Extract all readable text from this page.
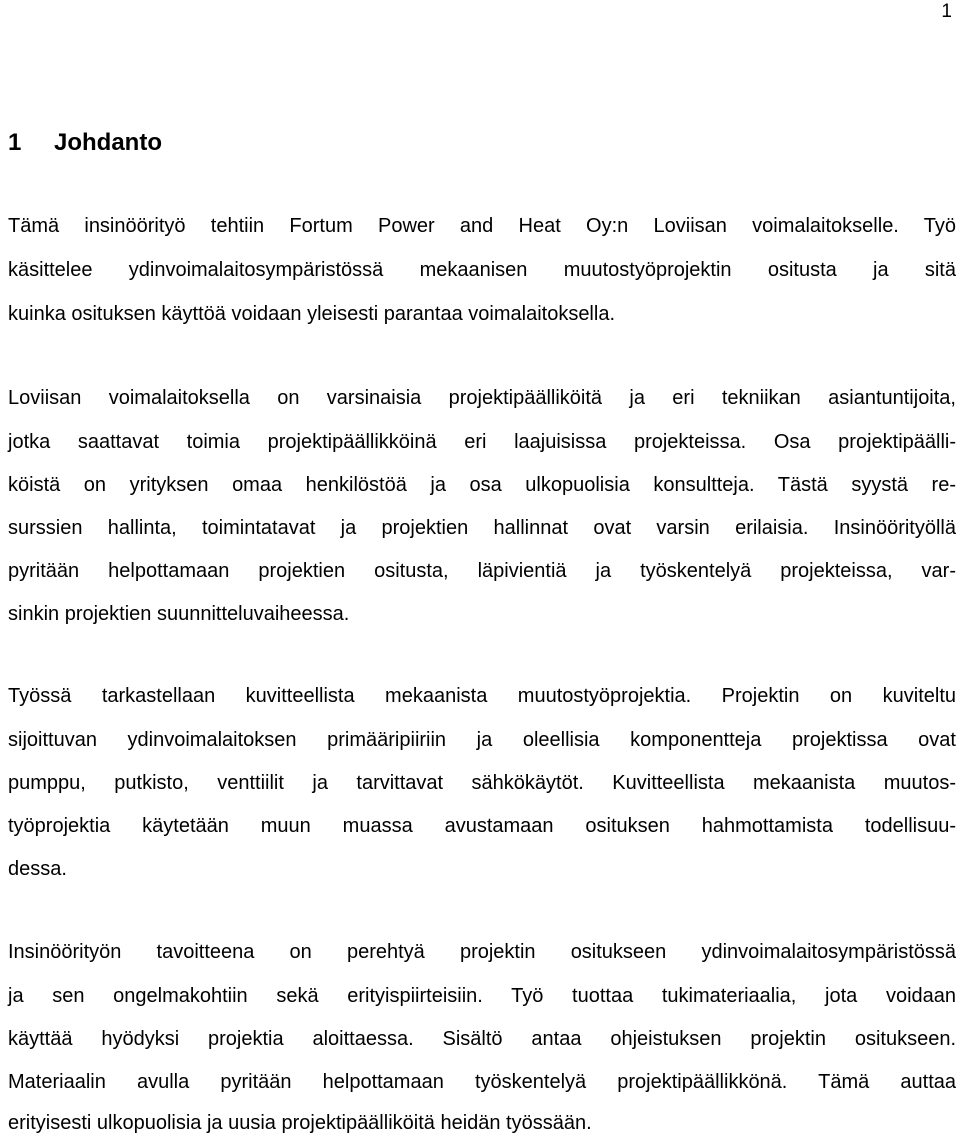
1
1 Johdanto
Tämä insinöörityö tehtiin Fortum Power and Heat Oy:n Loviisan voimalaitokselle. Työ
käsittelee ydinvoimalaitosympäristössä mekaanisen muutostyöprojektin ositusta ja sitä
kuinka osituksen käyttöä voidaan yleisesti parantaa voimalaitoksella.
Loviisan voimalaitoksella on varsinaisia projektipäälliköitä ja eri tekniikan asiantuntijoita,
jotka saattavat toimia projektipäällikköinä eri laajuisissa projekteissa. Osa projektipäälli-
köistä on yrityksen omaa henkilöstöä ja osa ulkopuolisia konsultteja. Tästä syystä re-
surssien hallinta, toimintatavat ja projektien hallinnat ovat varsin erilaisia. Insinöörityöllä
pyritään helpottamaan projektien ositusta, läpivientiä ja työskentelyä projekteissa, var-
sinkin projektien suunnitteluvaiheessa.
Työssä tarkastellaan kuvitteellista mekaanista muutostyöprojektia. Projektin on kuviteltu
sijoittuvan ydinvoimalaitoksen primääripiiriin ja oleellisia komponentteja projektissa ovat
pumppu, putkisto, venttiilit ja tarvittavat sähkökäytöt. Kuvitteellista mekaanista muutos-
työprojektia käytetään muun muassa avustamaan osituksen hahmottamista todellisuu-
dessa.
Insinöörityön tavoitteena on perehtyä projektin ositukseen ydinvoimalaitosympäristössä
ja sen ongelmakohtiin sekä erityispiirteisiin. Työ tuottaa tukimateriaalia, jota voidaan
käyttää hyödyksi projektia aloittaessa. Sisältö antaa ohjeistuksen projektin ositukseen.
Materiaalin avulla pyritään helpottamaan työskentelyä projektipäällikkönä. Tämä auttaa
erityisesti ulkopuolisia ja uusia projektipäälliköitä heidän työssään.
